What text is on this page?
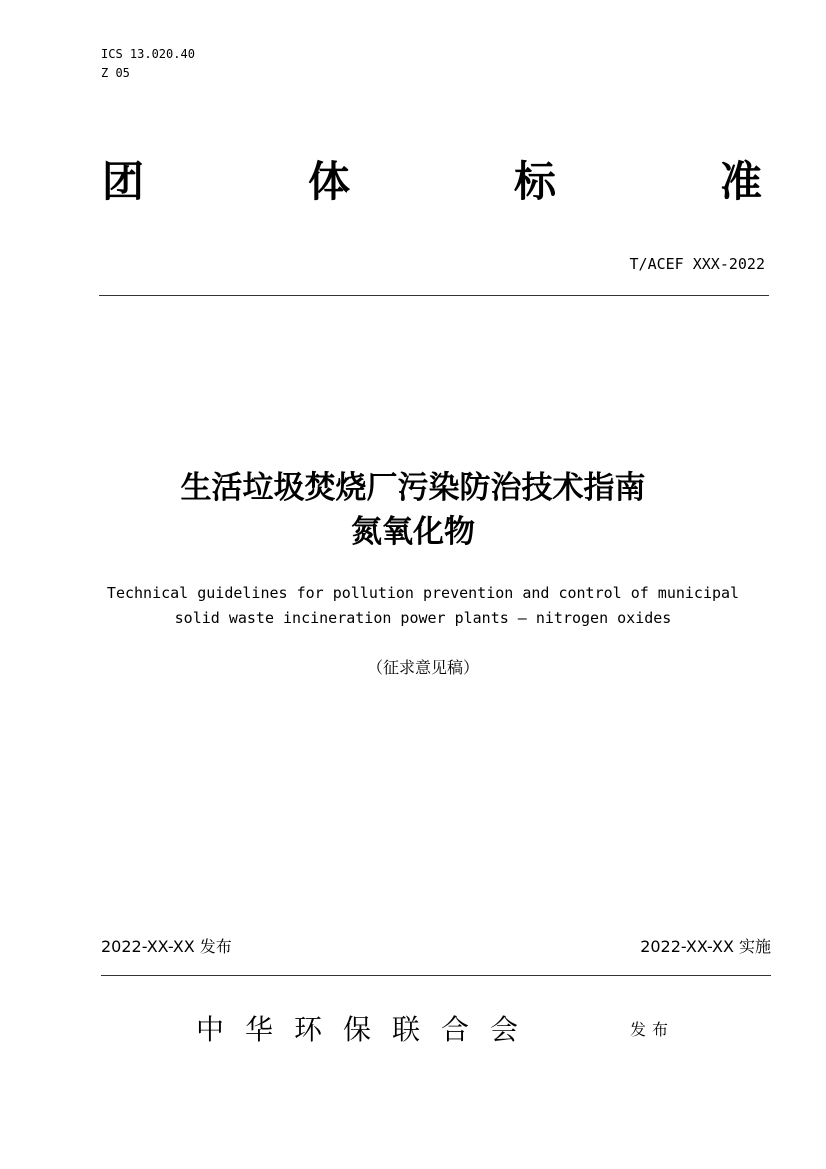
ICS 13.020.40
Z 05
团	体	标	准
T/ACEF XXX-2022
生活垃圾焚烧厂污染防治技术指南
氮氧化物
Technical guidelines for pollution prevention and control of municipal
solid waste incineration power plants — nitrogen oxides
（征求意见稿）
2022-XX-XX 发布	2022-XX-XX 实施
中华环保联合会	发布
